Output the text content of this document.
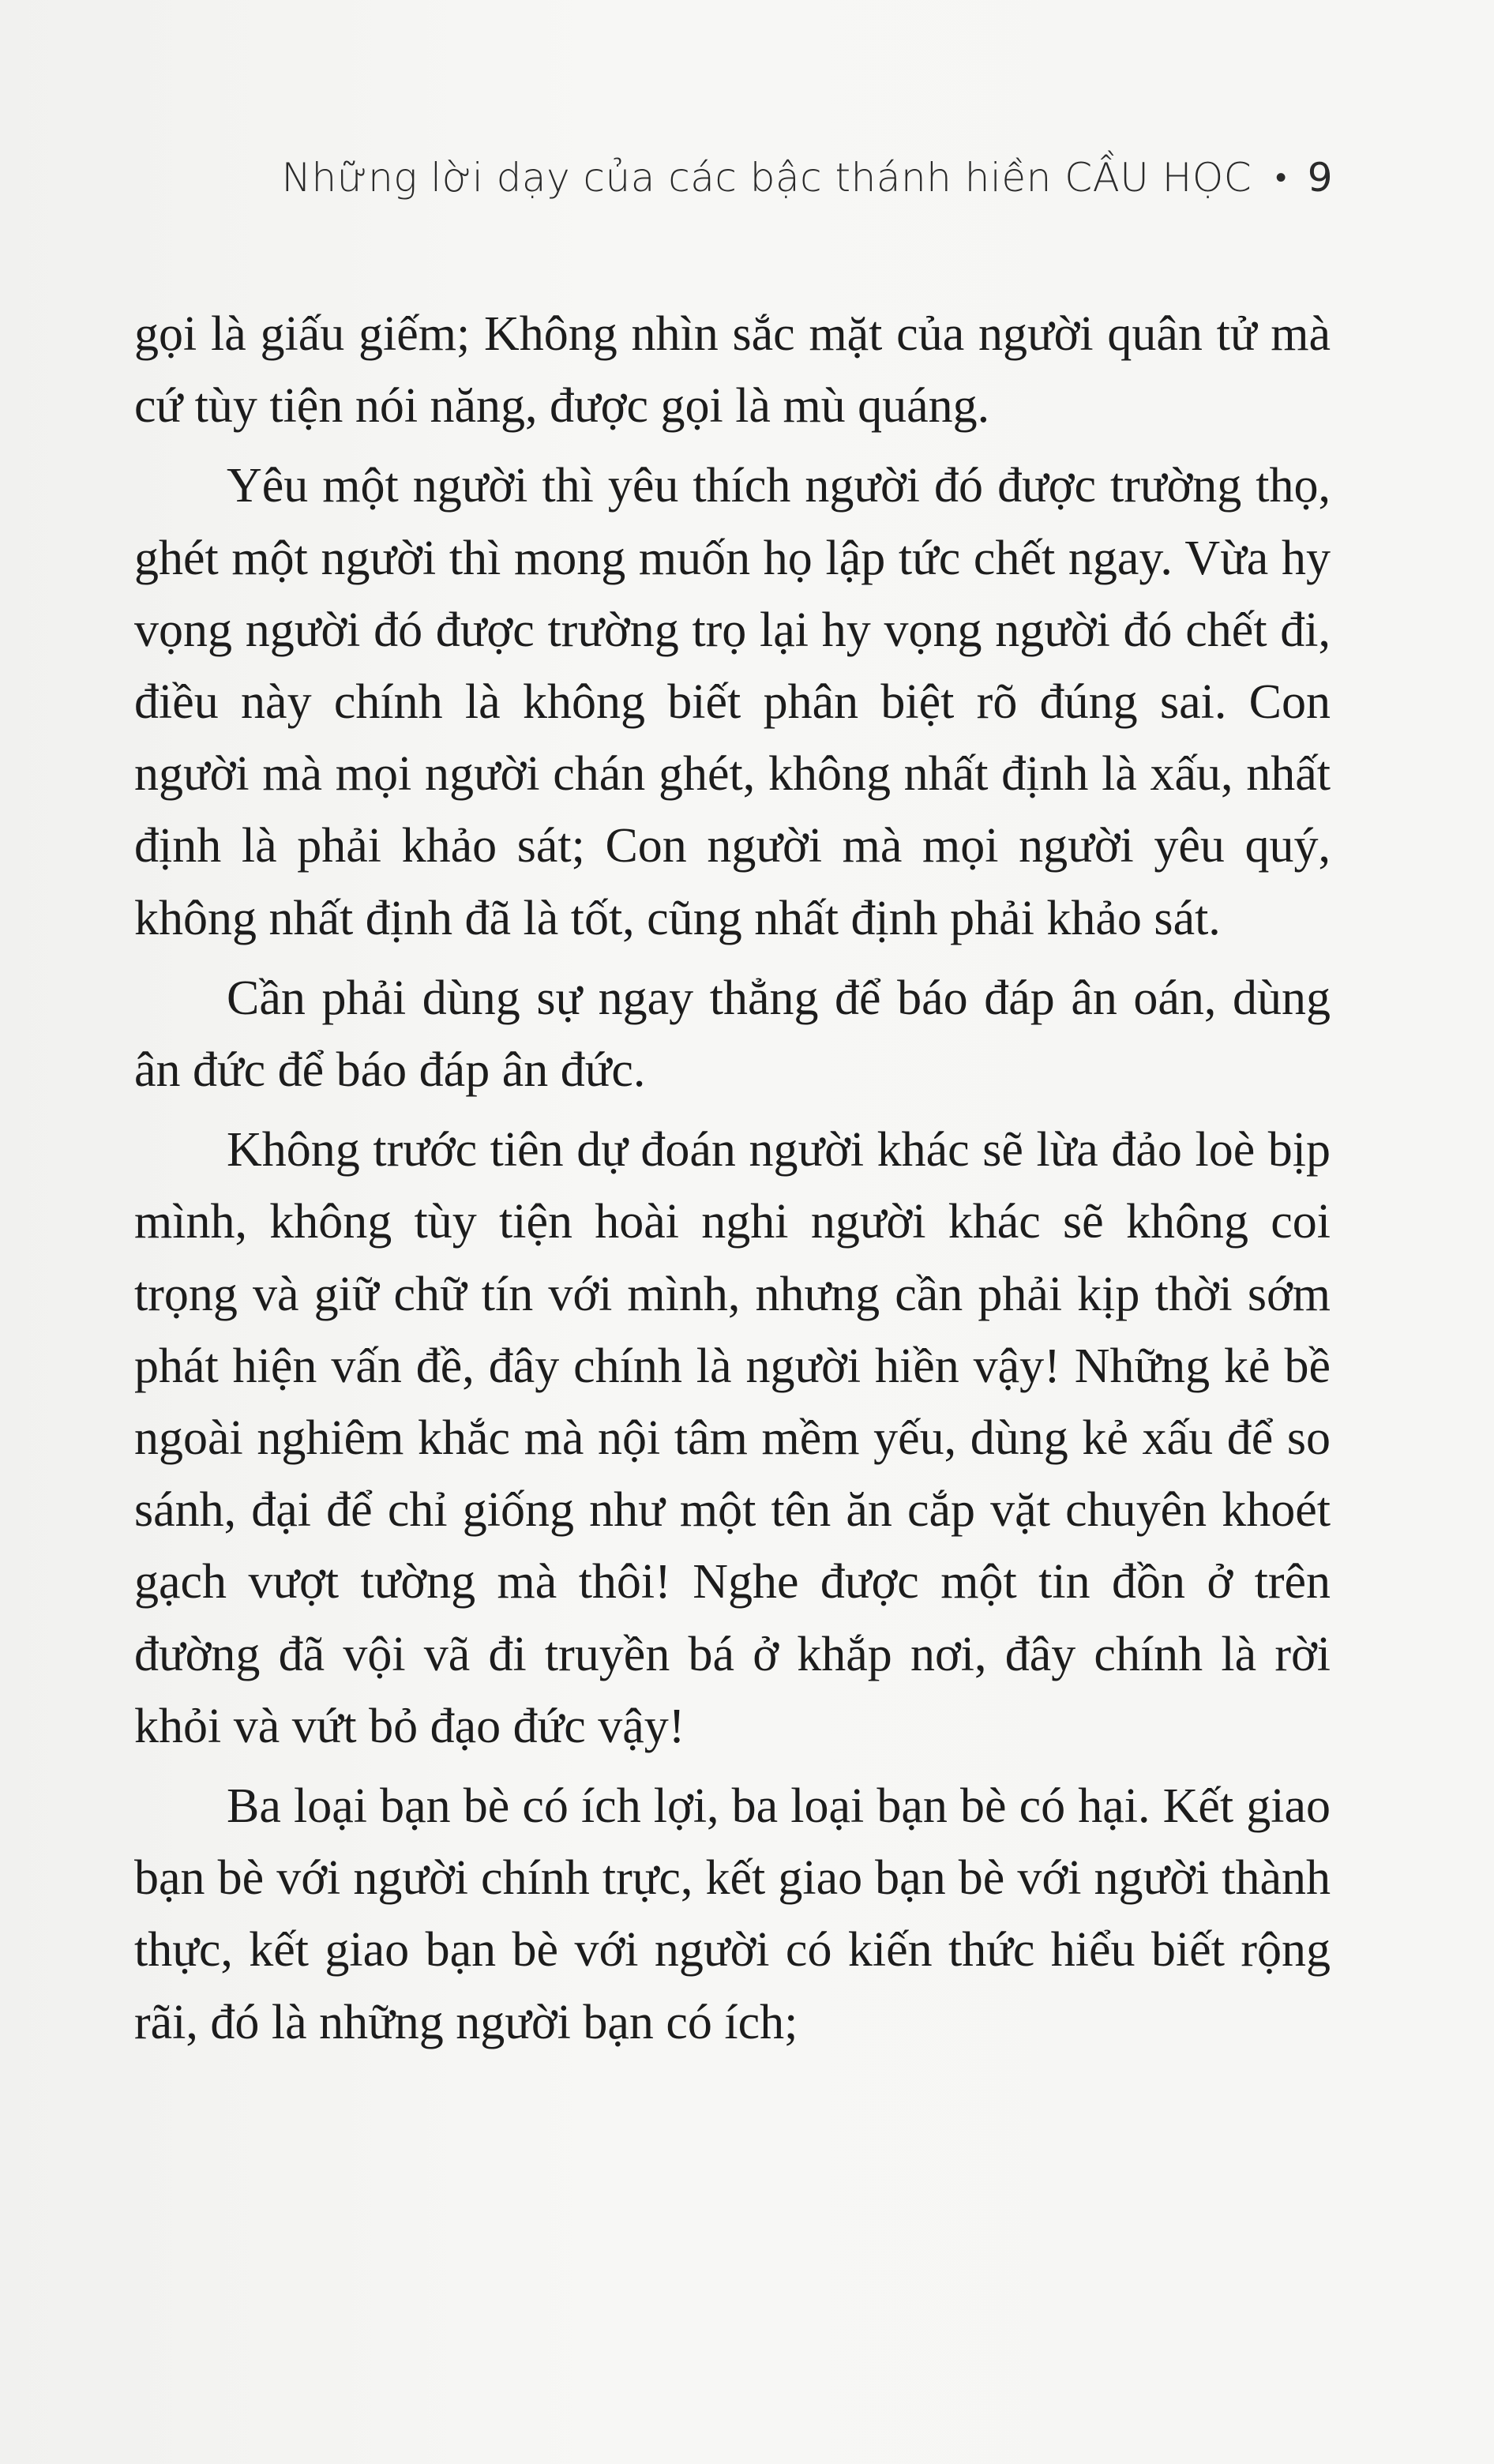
Những lời dạy của các bậc thánh hiền CẦU HỌC • 9

gọi là giấu giếm; Không nhìn sắc mặt của người quân tử mà cứ tùy tiện nói năng, được gọi là mù quáng.

Yêu một người thì yêu thích người đó được trường thọ, ghét một người thì mong muốn họ lập tức chết ngay. Vừa hy vọng người đó được trường trọ lại hy vọng người đó chết đi, điều này chính là không biết phân biệt rõ đúng sai. Con người mà mọi người chán ghét, không nhất định là xấu, nhất định là phải khảo sát; Con người mà mọi người yêu quý, không nhất định đã là tốt, cũng nhất định phải khảo sát.

Cần phải dùng sự ngay thẳng để báo đáp ân oán, dùng ân đức để báo đáp ân đức.

Không trước tiên dự đoán người khác sẽ lừa đảo loè bịp mình, không tùy tiện hoài nghi người khác sẽ không coi trọng và giữ chữ tín với mình, nhưng cần phải kịp thời sớm phát hiện vấn đề, đây chính là người hiền vậy! Những kẻ bề ngoài nghiêm khắc mà nội tâm mềm yếu, dùng kẻ xấu để so sánh, đại để chỉ giống như một tên ăn cắp vặt chuyên khoét gạch vượt tường mà thôi! Nghe được một tin đồn ở trên đường đã vội vã đi truyền bá ở khắp nơi, đây chính là rời khỏi và vứt bỏ đạo đức vậy!

Ba loại bạn bè có ích lợi, ba loại bạn bè có hại. Kết giao bạn bè với người chính trực, kết giao bạn bè với người thành thực, kết giao bạn bè với người có kiến thức hiểu biết rộng rãi, đó là những người bạn có ích;
